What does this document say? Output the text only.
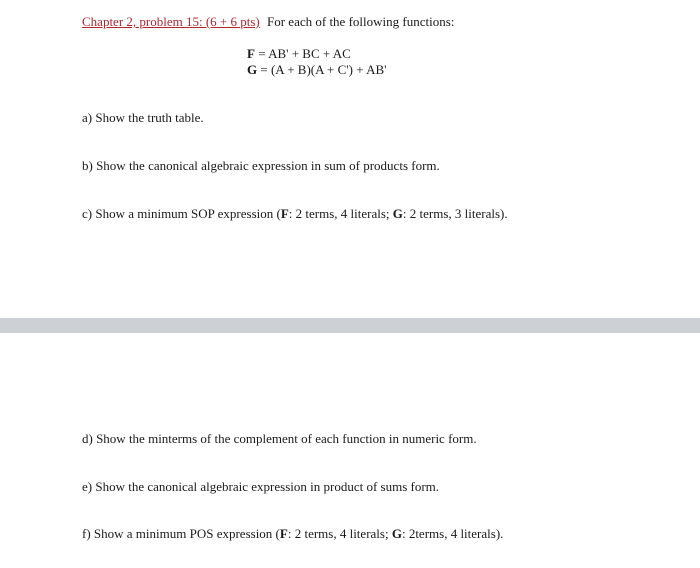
Chapter 2, problem 15: (6 + 6 pts) For each of the following functions:
F = AB' + BC + AC
G = (A + B)(A + C') + AB'
a) Show the truth table.
b) Show the canonical algebraic expression in sum of products form.
c) Show a minimum SOP expression (F: 2 terms, 4 literals; G: 2 terms, 3 literals).
d) Show the minterms of the complement of each function in numeric form.
e) Show the canonical algebraic expression in product of sums form.
f) Show a minimum POS expression (F: 2 terms, 4 literals; G: 2terms, 4 literals).
